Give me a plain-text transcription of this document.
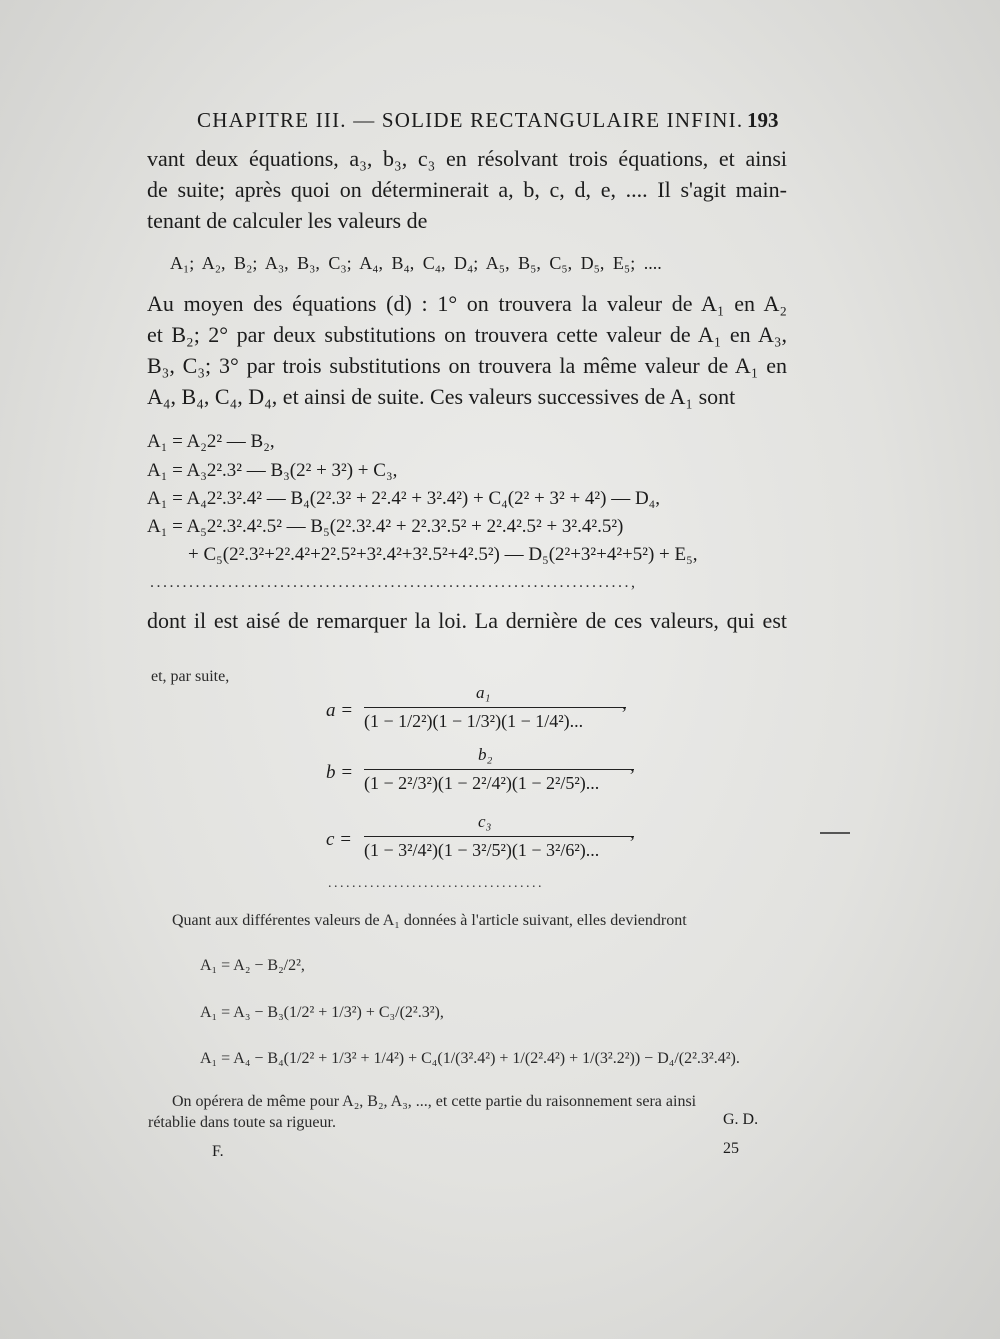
CHAPITRE III. — SOLIDE RECTANGULAIRE INFINI. 193
vant deux équations, a₃, b₃, c₃ en résolvant trois équations, et ainsi
de suite; après quoi on déterminerait a, b, c, d, e, .... Il s'agit main-
tenant de calculer les valeurs de
A₁; A₂, B₂; A₃, B₃, C₃; A₄, B₄, C₄, D₄; A₅, B₅, C₅, D₅, E₅; ....
Au moyen des équations (d) : 1° on trouvera la valeur de A₁ en A₂
et B₂; 2° par deux substitutions on trouvera cette valeur de A₁ en A₃,
B₃, C₃; 3° par trois substitutions on trouvera la même valeur de A₁ en
A₄, B₄, C₄, D₄, et ainsi de suite. Ces valeurs successives de A₁ sont
A₁ = A₂2² — B₂,
A₁ = A₃2².3² — B₃(2² + 3²) + C₃,
A₁ = A₄2².3².4² — B₄(2².3² + 2².4² + 3².4²) + C₄(2² + 3² + 4²) — D₄,
A₁ = A₅2².3².4².5² — B₅(2².3².4² + 2².3².5² + 2².4².5² + 3².4².5²)
+ C₅(2².3²+2².4²+2².5²+3².4²+3².5²+4².5²) — D₅(2²+3²+4²+5²) + E₅,
..........................................................................,
dont il est aisé de remarquer la loi. La dernière de ces valeurs, qui est
et, par suite,
a =
a₁
(1 − 1/2²)(1 − 1/3²)(1 − 1/4²)...
,
b =
b₂
(1 − 2²/3²)(1 − 2²/4²)(1 − 2²/5²)...
,
c =
c₃
(1 − 3²/4²)(1 − 3²/5²)(1 − 3²/6²)...
,
....................................
Quant aux différentes valeurs de A₁ données à l'article suivant, elles deviendront
A₁ = A₂ − B₂/2²,
A₁ = A₃ − B₃(1/2² + 1/3²) + C₃/(2².3²),
A₁ = A₄ − B₄(1/2² + 1/3² + 1/4²) + C₄(1/(3².4²) + 1/(2².4²) + 1/(3².2²)) − D₄/(2².3².4²).
On opérera de même pour A₂, B₂, A₃, ..., et cette partie du raisonnement sera ainsi
rétablie dans toute sa rigueur.	G. D.
F.	25
